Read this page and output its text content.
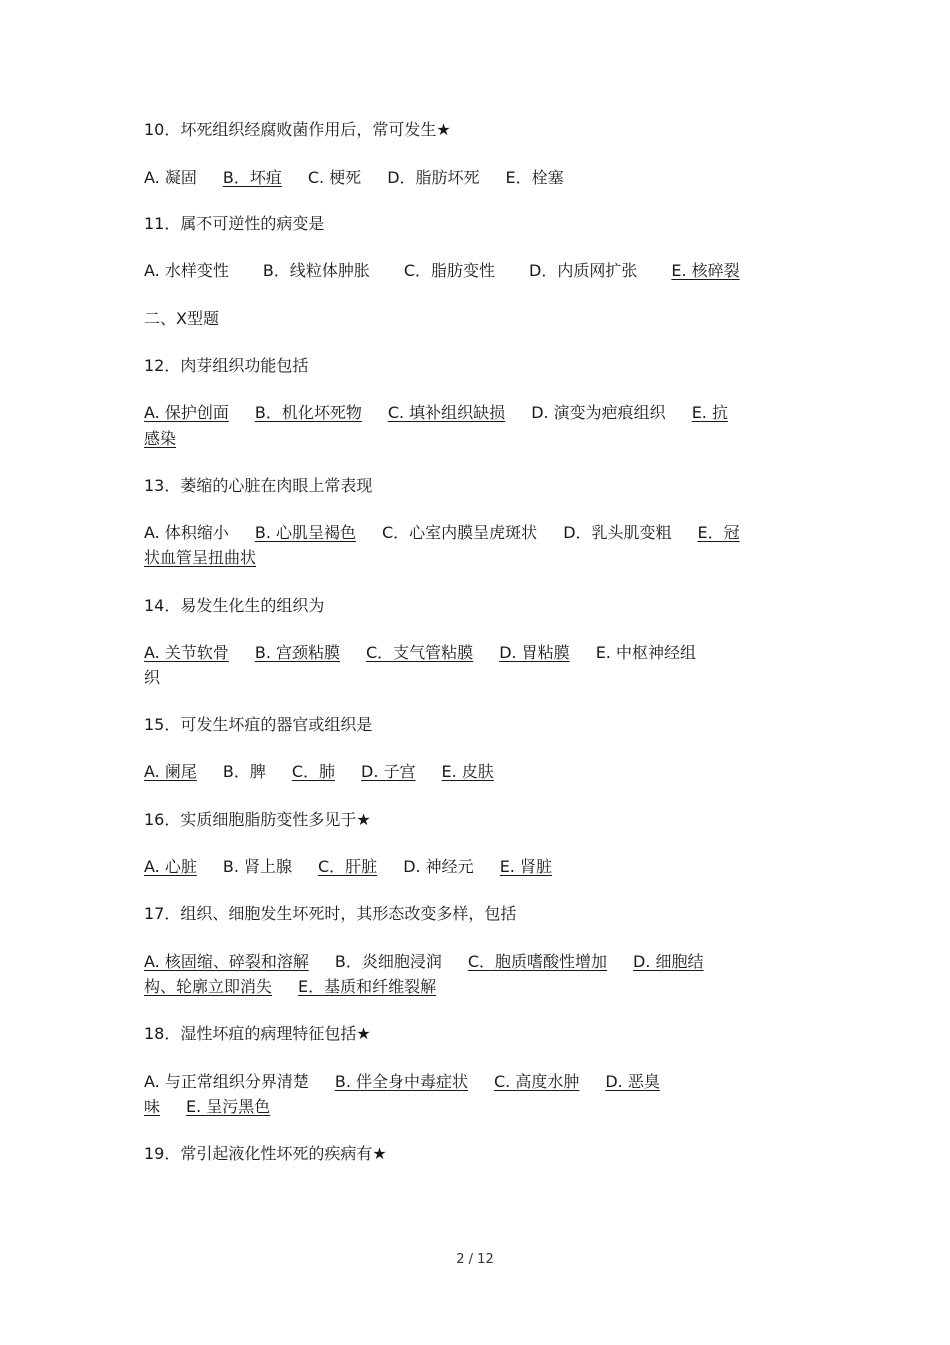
10．坏死组织经腐败菌作用后，常可发生★
A. 凝固 B．坏疽 C. 梗死 D．脂肪坏死 E．栓塞
11．属不可逆性的病变是
A. 水样变性 B．线粒体肿胀 C．脂肪变性 D．内质网扩张 E. 核碎裂
二、X型题
12．肉芽组织功能包括
A. 保护创面 B．机化坏死物 C. 填补组织缺损 D. 演变为疤痕组织 E. 抗
感染
13．萎缩的心脏在肉眼上常表现
A. 体积缩小 B. 心肌呈褐色 C．心室内膜呈虎斑状 D．乳头肌变粗 E．冠
状血管呈扭曲状
14．易发生化生的组织为
A. 关节软骨 B. 宫颈粘膜 C．支气管粘膜 D. 胃粘膜 E. 中枢神经组
织
15．可发生坏疽的器官或组织是
A. 阑尾 B．脾 C．肺 D. 子宫 E. 皮肤
16．实质细胞脂肪变性多见于★
A. 心脏 B. 肾上腺 C．肝脏 D. 神经元 E. 肾脏
17．组织、细胞发生坏死时，其形态改变多样，包括
A. 核固缩、碎裂和溶解 B．炎细胞浸润 C．胞质嗜酸性增加 D. 细胞结
构、轮廓立即消失 E．基质和纤维裂解
18．湿性坏疽的病理特征包括★
A. 与正常组织分界清楚 B. 伴全身中毒症状 C. 高度水肿 D. 恶臭
味 E. 呈污黑色
19．常引起液化性坏死的疾病有★
2 / 12
